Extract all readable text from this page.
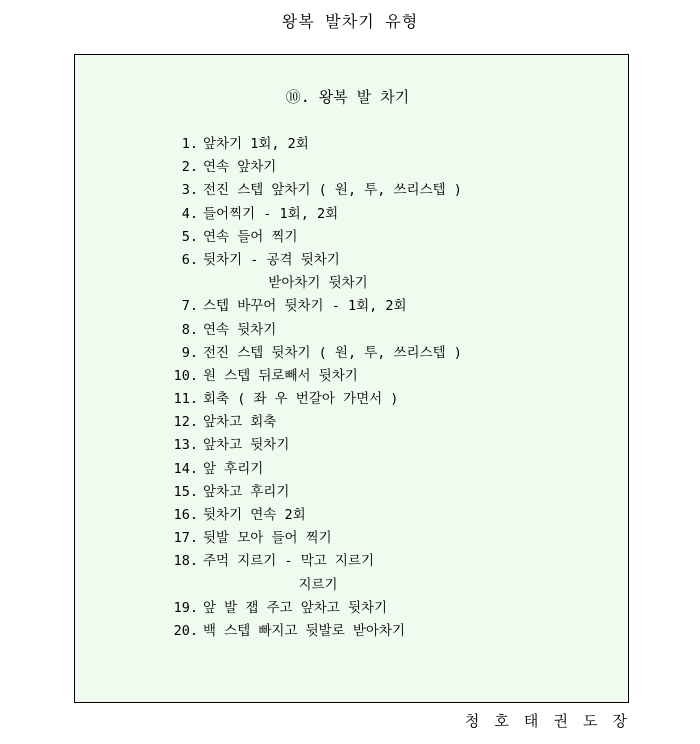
왕복 발차기 유형
⑩. 왕복 발 차기
1. 앞차기 1회, 2회
2. 연속 앞차기
3. 전진 스텝 앞차기 ( 원, 투, 쓰리스텝 )
4. 들어찍기 - 1회, 2회
5. 연속 들어 찍기
6. 뒷차기 - 공격 뒷차기
받아차기 뒷차기
7. 스텝 바꾸어 뒷차기 - 1회, 2회
8. 연속 뒷차기
9. 전진 스텝 뒷차기 ( 원, 투, 쓰리스텝 )
10. 원 스텝 뒤로빼서 뒷차기
11. 회축 ( 좌 우 번갈아 가면서 )
12. 앞차고 회축
13. 앞차고 뒷차기
14. 앞 후리기
15. 앞차고 후리기
16. 뒷차기 연속 2회
17. 뒷발 모아 들어 찍기
18. 주먹 지르기 - 막고 지르기
지르기
19. 앞 발 잽 주고 앞차고 뒷차기
20. 백 스텝 빠지고 뒷발로 받아차기
청 호 태 권 도 장
